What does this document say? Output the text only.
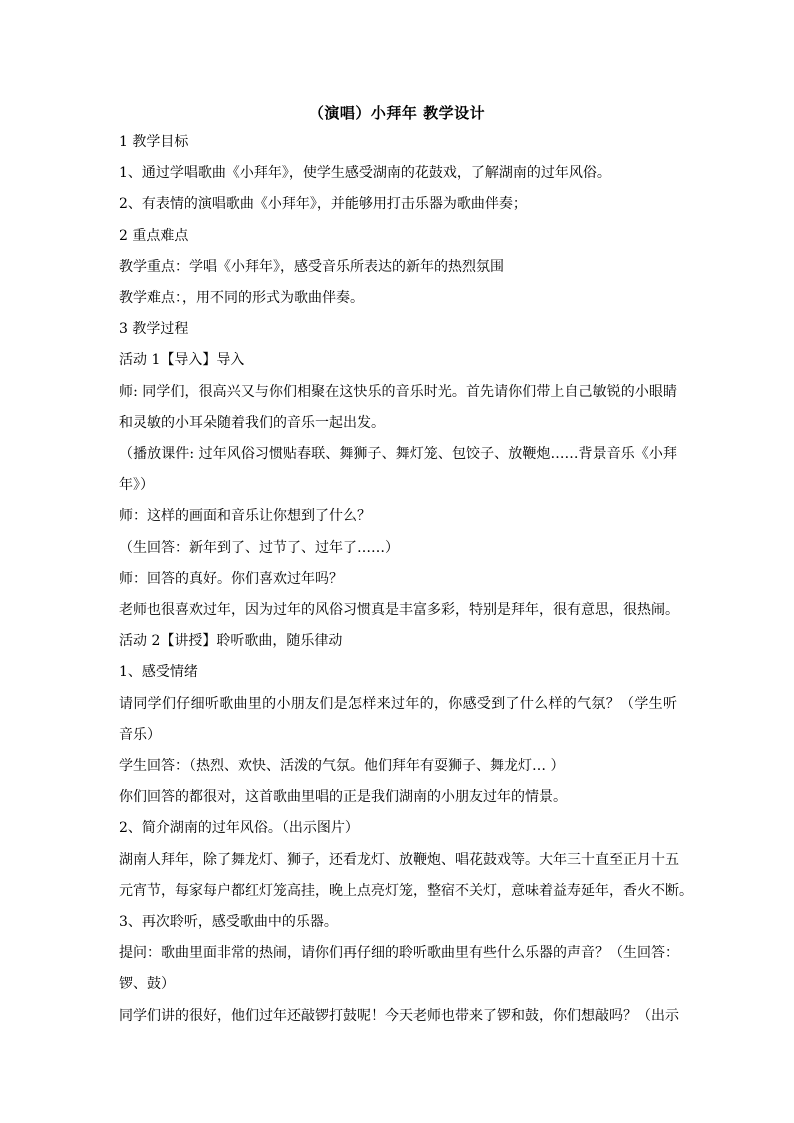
（演唱）小拜年 教学设计

1 教学目标

1、通过学唱歌曲《小拜年》，使学生感受湖南的花鼓戏，了解湖南的过年风俗。

2、有表情的演唱歌曲《小拜年》，并能够用打击乐器为歌曲伴奏；

2 重点难点

教学重点：学唱《小拜年》，感受音乐所表达的新年的热烈氛围

教学难点：，用不同的形式为歌曲伴奏。

3 教学过程

活动 1【导入】导入

师: 同学们，很高兴又与你们相聚在这快乐的音乐时光。首先请你们带上自己敏锐的小眼睛

和灵敏的小耳朵随着我们的音乐一起出发。

（播放课件: 过年风俗习惯贴春联、舞狮子、舞灯笼、包饺子、放鞭炮……背景音乐《小拜

年》）

师：这样的画面和音乐让你想到了什么？

（生回答：新年到了、过节了、过年了……）

师：回答的真好。你们喜欢过年吗？

老师也很喜欢过年，因为过年的风俗习惯真是丰富多彩，特别是拜年，很有意思，很热闹。

活动 2【讲授】聆听歌曲，随乐律动

1、感受情绪

请同学们仔细听歌曲里的小朋友们是怎样来过年的，你感受到了什么样的气氛？（学生听

音乐）

学生回答：（热烈、欢快、活泼的气氛。他们拜年有耍狮子、舞龙灯… ）

你们回答的都很对，这首歌曲里唱的正是我们湖南的小朋友过年的情景。

2、简介湖南的过年风俗。（出示图片）

湖南人拜年，除了舞龙灯、狮子，还看龙灯、放鞭炮、唱花鼓戏等。大年三十直至正月十五

元宵节，每家每户都红灯笼高挂，晚上点亮灯笼，整宿不关灯，意味着益寿延年，香火不断。

3、再次聆听，感受歌曲中的乐器。

提问：歌曲里面非常的热闹，请你们再仔细的聆听歌曲里有些什么乐器的声音？（生回答：

锣、鼓）

同学们讲的很好，他们过年还敲锣打鼓呢！今天老师也带来了锣和鼓，你们想敲吗？（出示
